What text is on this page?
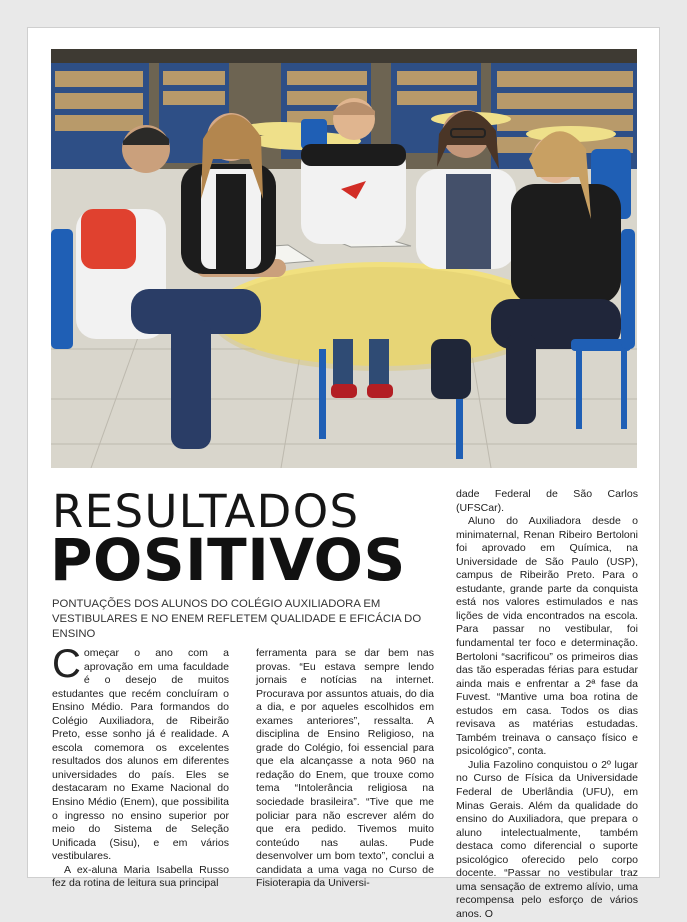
RESULTADOS
POSITIVOS
PONTUAÇÕES DOS ALUNOS DO COLÉGIO AUXILIADORA EM VESTIBULARES E NO ENEM REFLETEM QUALIDADE E EFICÁCIA DO ENSINO

Começar o ano com a aprovação em uma faculdade é o desejo de muitos estudantes que recém concluíram o Ensino Médio. Para formandos do Colégio Auxiliadora, de Ribeirão Preto, esse sonho já é realidade. A escola comemora os excelentes resultados dos alunos em diferentes universidades do país. Eles se destacaram no Exame Nacional do Ensino Médio (Enem), que possibilita o ingresso no ensino superior por meio do Sistema de Seleção Unificada (Sisu), e em vários vestibulares.

A ex-aluna Maria Isabella Russo fez da rotina de leitura sua principal

ferramenta para se dar bem nas provas. “Eu estava sempre lendo jornais e notícias na internet. Procurava por assuntos atuais, do dia a dia, e por aqueles escolhidos em exames anteriores”, ressalta. A disciplina de Ensino Religioso, na grade do Colégio, foi essencial para que ela alcançasse a nota 960 na redação do Enem, que trouxe como tema “Intolerância religiosa na sociedade brasileira”. “Tive que me policiar para não escrever além do que era pedido. Tivemos muito conteúdo nas aulas. Pude desenvolver um bom texto”, conclui a candidata a uma vaga no Curso de Fisioterapia da Universi-

dade Federal de São Carlos (UFSCar).

Aluno do Auxiliadora desde o minimaternal, Renan Ribeiro Bertoloni foi aprovado em Química, na Universidade de São Paulo (USP), campus de Ribeirão Preto. Para o estudante, grande parte da conquista está nos valores estimulados e nas lições de vida encontrados na escola. Para passar no vestibular, foi fundamental ter foco e determinação. Bertoloni “sacrificou” os primeiros dias das tão esperadas férias para estudar ainda mais e enfrentar a 2ª fase da Fuvest. “Mantive uma boa rotina de estudos em casa. Todos os dias revisava as matérias estudadas. Também treinava o cansaço físico e psicológico”, conta.

Julia Fazolino conquistou o 2º lugar no Curso de Física da Universidade Federal de Uberlândia (UFU), em Minas Gerais. Além da qualidade do ensino do Auxiliadora, que prepara o aluno intelectualmente, também destaca como diferencial o suporte psicológico oferecido pelo corpo docente. “Passar no vestibular traz uma sensação de extremo alívio, uma recompensa pelo esforço de vários anos. O
